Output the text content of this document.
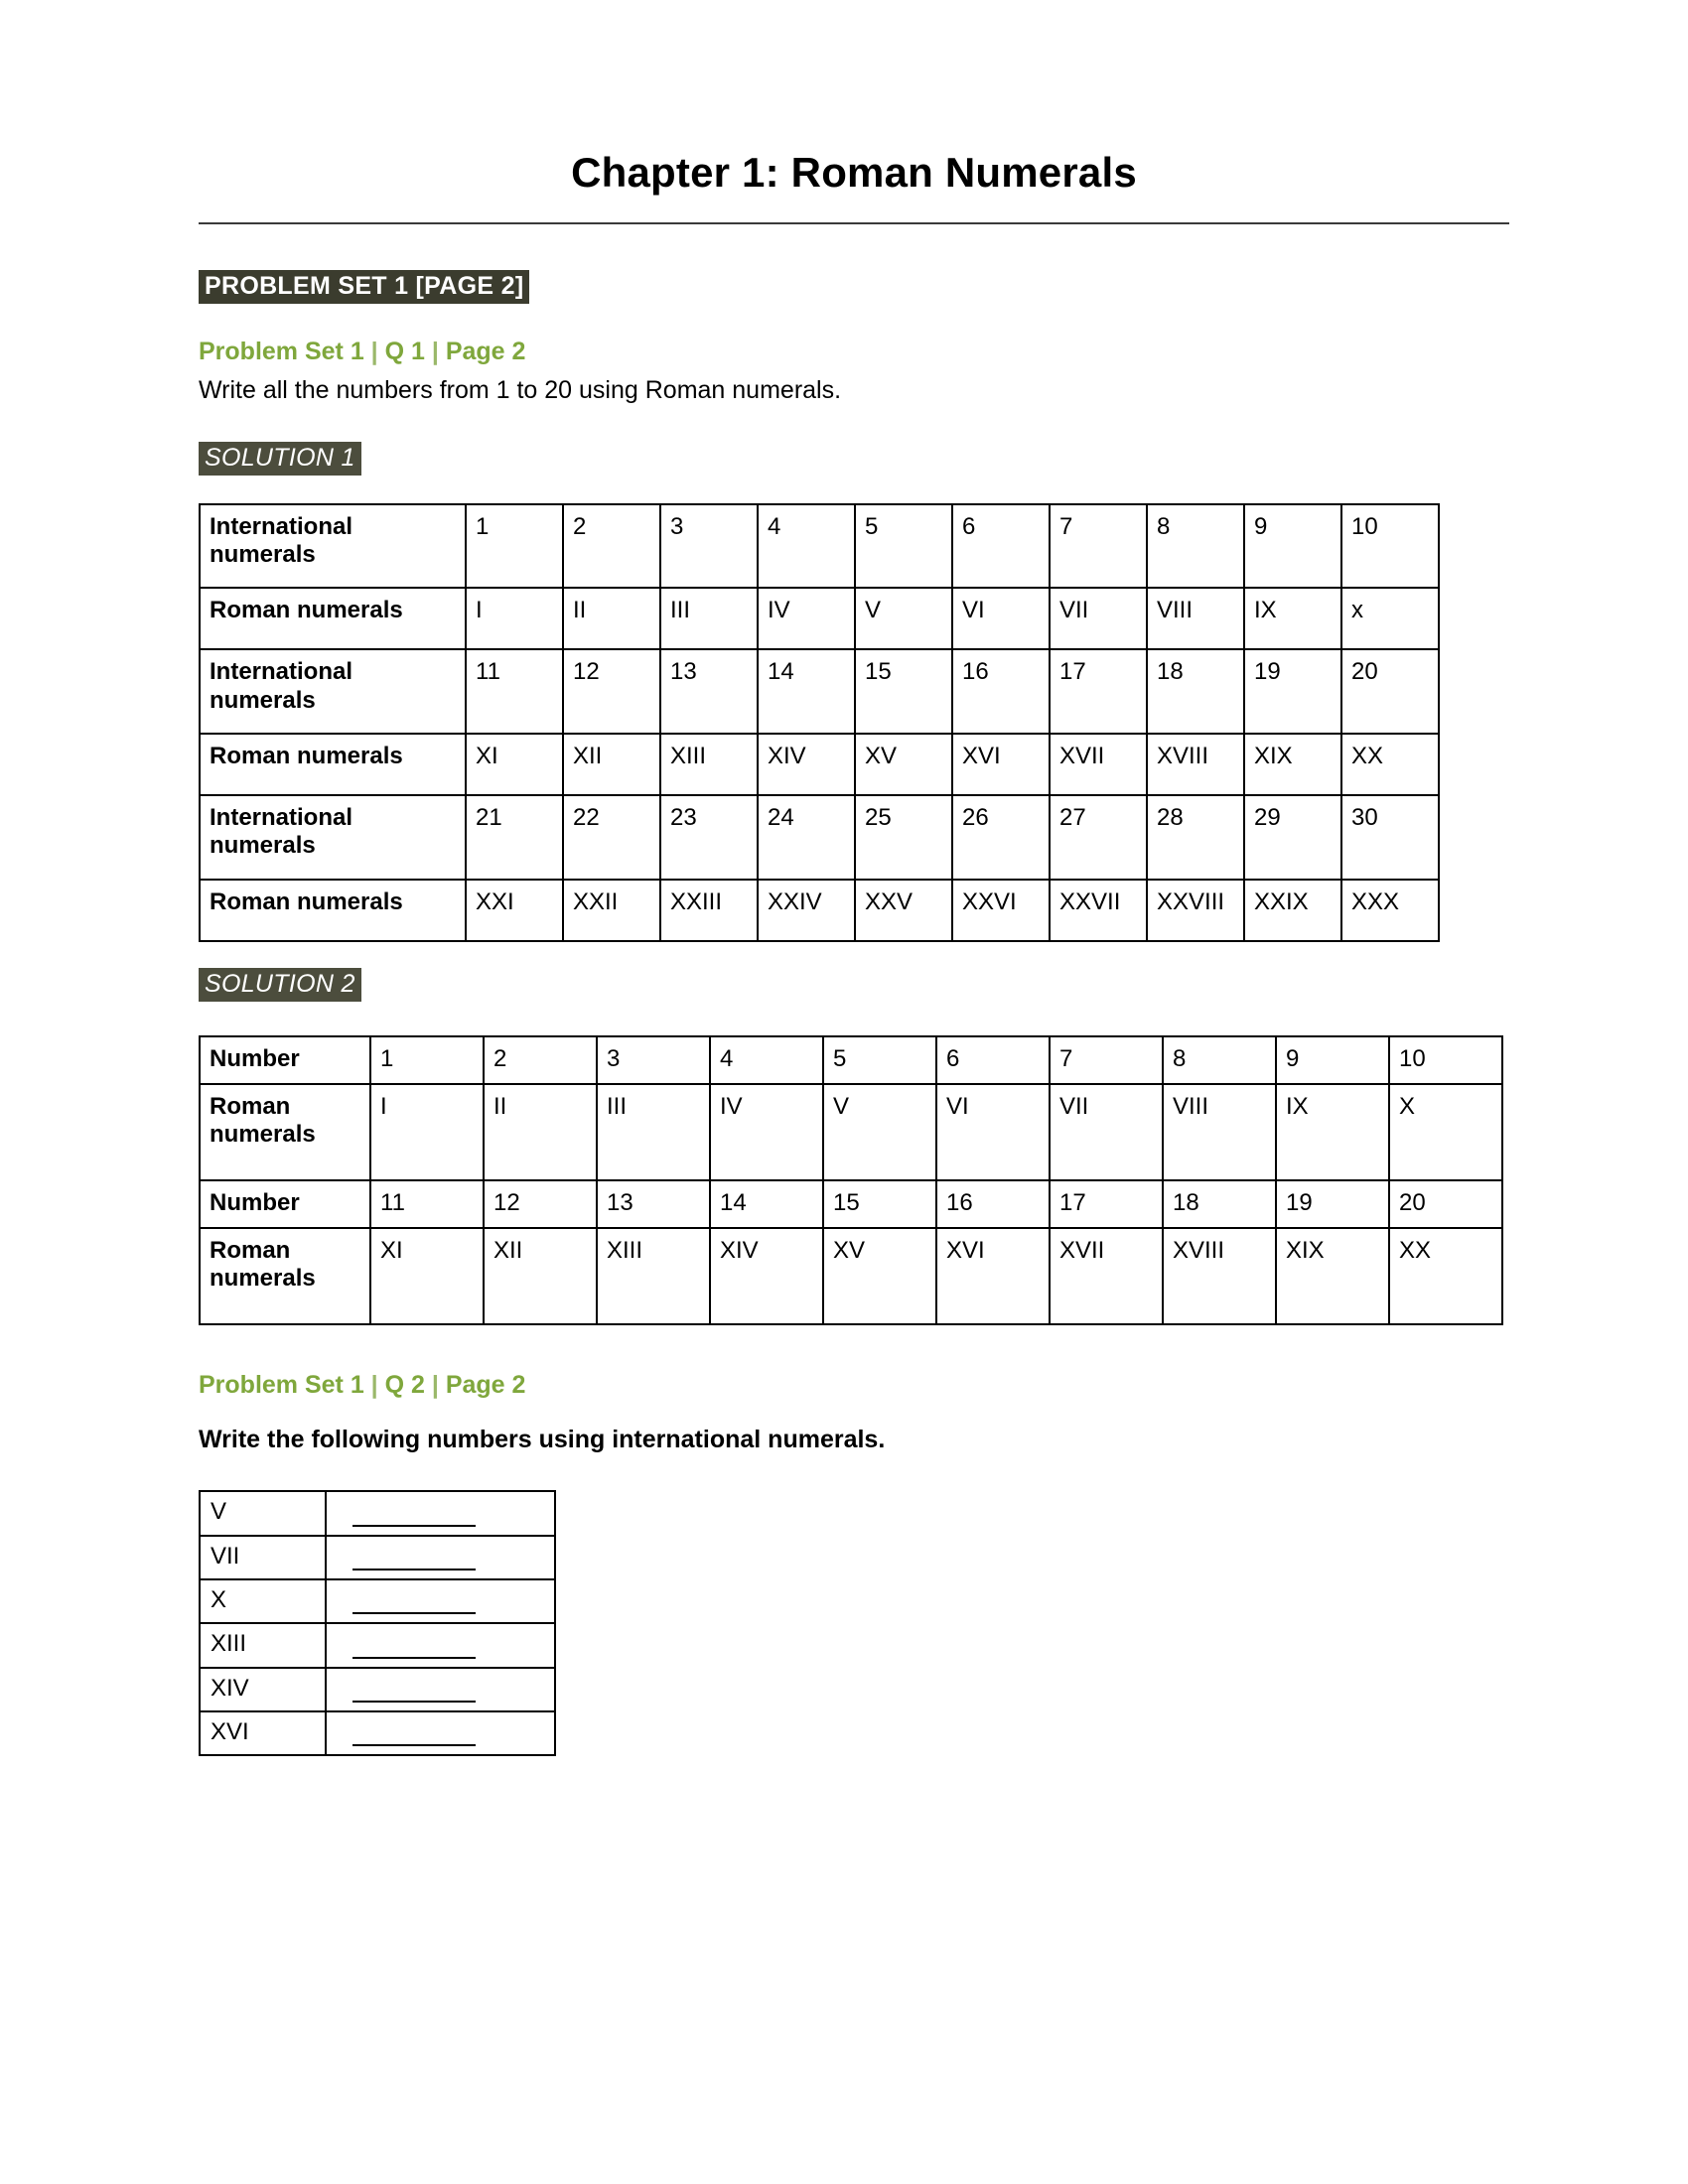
Chapter 1: Roman Numerals
PROBLEM SET 1 [PAGE 2]
Problem Set 1 | Q 1 | Page 2

Write all the numbers from 1 to 20 using Roman numerals.

SOLUTION 1
International numerals	1	2	3	4	5	6	7	8	9	10
Roman numerals	I	II	III	IV	V	VI	VII	VIII	IX	x
International numerals	11	12	13	14	15	16	17	18	19	20
Roman numerals	XI	XII	XIII	XIV	XV	XVI	XVII	XVIII	XIX	XX
International numerals	21	22	23	24	25	26	27	28	29	30
Roman numerals	XXI	XXII	XXIII	XXIV	XXV	XXVI	XXVII	XXVIII	XXIX	XXX
SOLUTION 2
Number	1	2	3	4	5	6	7	8	9	10
Roman numerals	I	II	III	IV	V	VI	VII	VIII	IX	X
Number	11	12	13	14	15	16	17	18	19	20
Roman numerals	XI	XII	XIII	XIV	XV	XVI	XVII	XVIII	XIX	XX
Problem Set 1 | Q 2 | Page 2

Write the following numbers using international numerals.

V	
VII	
X	
XIII	
XIV	
XVI	
